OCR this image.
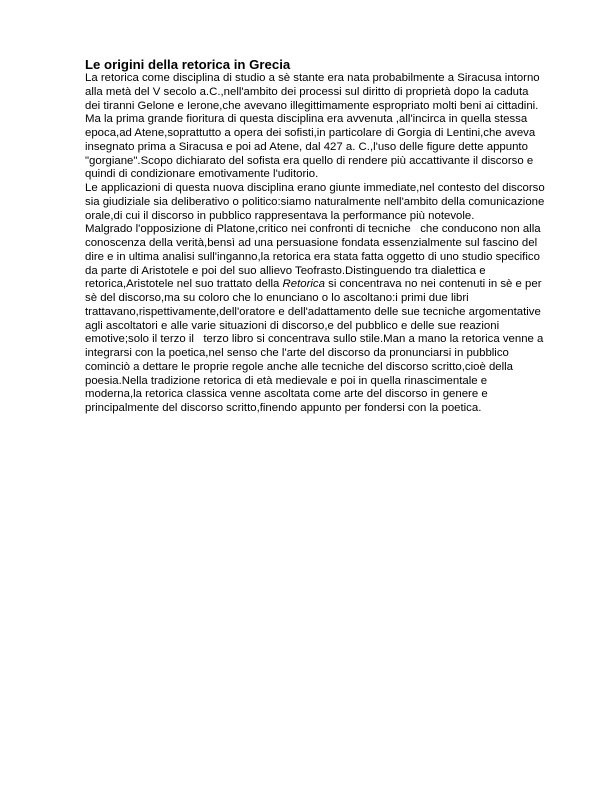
Le origini della retorica in Grecia
La retorica come disciplina di studio a sè stante era nata probabilmente a Siracusa intorno
alla metà del V secolo a.C.,nell'ambito dei processi sul diritto di proprietà dopo la caduta
dei tiranni Gelone e Ierone,che avevano illegittimamente espropriato molti beni ai cittadini.
Ma la prima grande fioritura di questa disciplina era avvenuta ,all'incirca in quella stessa
epoca,ad Atene,soprattutto a opera dei sofisti,in particolare di Gorgia di Lentini,che aveva
insegnato prima a Siracusa e poi ad Atene, dal 427 a. C.,l'uso delle figure dette appunto
"gorgiane".Scopo dichiarato del sofista era quello di rendere più accattivante il discorso e
quindi di condizionare emotivamente l'uditorio.
Le applicazioni di questa nuova disciplina erano giunte immediate,nel contesto del discorso
sia giudiziale sia deliberativo o politico:siamo naturalmente nell'ambito della comunicazione
orale,di cui il discorso in pubblico rappresentava la performance più notevole.
Malgrado l'opposizione di Platone,critico nei confronti di tecniche   che conducono non alla
conoscenza della verità,bensì ad una persuasione fondata essenzialmente sul fascino del
dire e in ultima analisi sull'inganno,la retorica era stata fatta oggetto di uno studio specifico
da parte di Aristotele e poi del suo allievo Teofrasto.Distinguendo tra dialettica e
retorica,Aristotele nel suo trattato della Retorica si concentrava no nei contenuti in sè e per
sè del discorso,ma su coloro che lo enunciano o lo ascoltano:i primi due libri
trattavano,rispettivamente,dell'oratore e dell'adattamento delle sue tecniche argomentative
agli ascoltatori e alle varie situazioni di discorso,e del pubblico e delle sue reazioni
emotive;solo il terzo il   terzo libro si concentrava sullo stile.Man a mano la retorica venne a
integrarsi con la poetica,nel senso che l'arte del discorso da pronunciarsi in pubblico
cominciò a dettare le proprie regole anche alle tecniche del discorso scritto,cioè della
poesia.Nella tradizione retorica di età medievale e poi in quella rinascimentale e
moderna,la retorica classica venne ascoltata come arte del discorso in genere e
principalmente del discorso scritto,finendo appunto per fondersi con la poetica.
